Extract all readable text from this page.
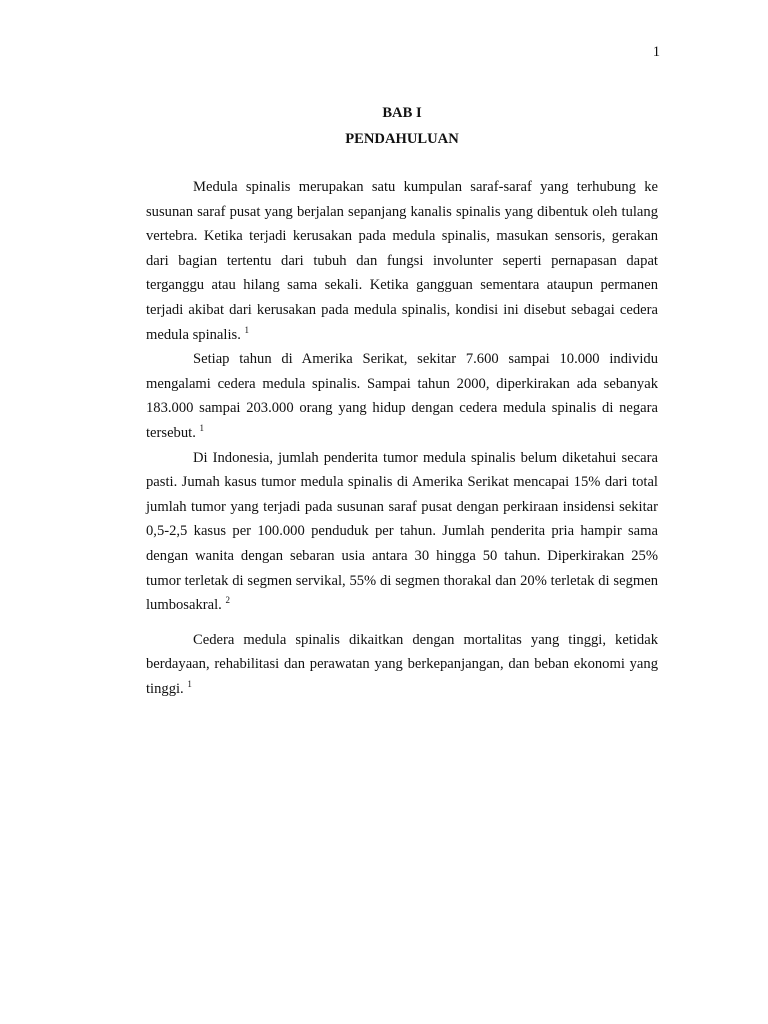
1
BAB I
PENDAHULUAN

Medula spinalis merupakan satu kumpulan saraf-saraf yang terhubung ke susunan saraf pusat yang berjalan sepanjang kanalis spinalis yang dibentuk oleh tulang vertebra. Ketika terjadi kerusakan pada medula spinalis, masukan sensoris, gerakan dari bagian tertentu dari tubuh dan fungsi involunter seperti pernapasan dapat terganggu atau hilang sama sekali. Ketika gangguan sementara ataupun permanen terjadi akibat dari kerusakan pada medula spinalis, kondisi ini disebut sebagai cedera medula spinalis. $^1$

Setiap tahun di Amerika Serikat, sekitar 7.600 sampai 10.000 individu mengalami cedera medula spinalis. Sampai tahun 2000, diperkirakan ada sebanyak 183.000 sampai 203.000 orang yang hidup dengan cedera medula spinalis di negara tersebut. $^1$

Di Indonesia, jumlah penderita tumor medula spinalis belum diketahui secara pasti. Jumah kasus tumor medula spinalis di Amerika Serikat mencapai 15% dari total jumlah tumor yang terjadi pada susunan saraf pusat dengan perkiraan insidensi sekitar 0,5-2,5 kasus per 100.000 penduduk per tahun. Jumlah penderita pria hampir sama dengan wanita dengan sebaran usia antara 30 hingga 50 tahun. Diperkirakan 25% tumor terletak di segmen servikal, 55% di segmen thorakal dan 20% terletak di segmen lumbosakral. $^2$

Cedera medula spinalis dikaitkan dengan mortalitas yang tinggi, ketidak berdayaan, rehabilitasi dan perawatan yang berkepanjangan, dan beban ekonomi yang tinggi. $^1$
